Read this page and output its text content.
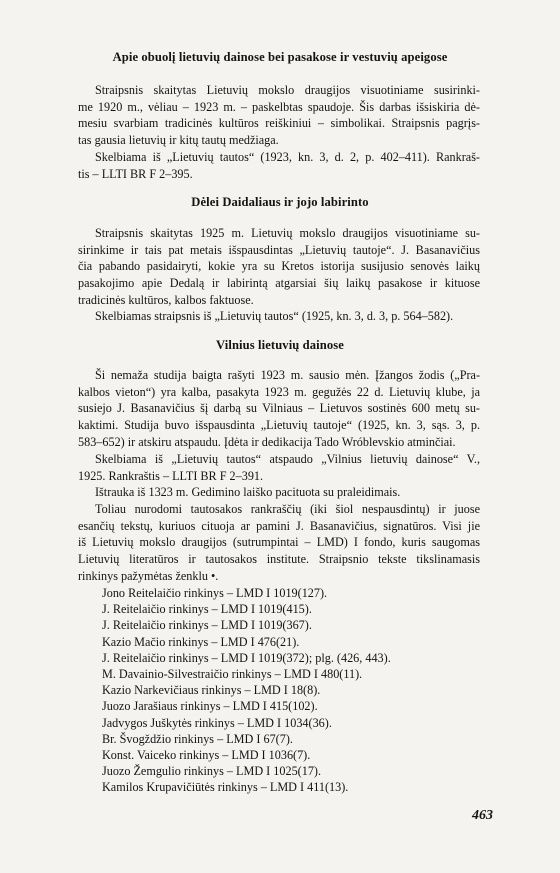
Apie obuolį lietuvių dainose bei pasakose ir vestuvių apeigose
Straipsnis skaitytas Lietuvių mokslo draugijos visuotiniame susirinki-
me 1920 m., vėliau – 1923 m. – paskelbtas spaudoje. Šis darbas išsiskiria dė-
mesiu svarbiam tradicinės kultūros reiškiniui – simbolikai. Straipsnis pagrįs-
tas gausia lietuvių ir kitų tautų medžiaga.
Skelbiama iš „Lietuvių tautos“ (1923, kn. 3, d. 2, p. 402–411). Rankraš-
tis – LLTI BR F 2–395.
Dėlei Daidaliaus ir jojo labirinto
Straipsnis skaitytas 1925 m. Lietuvių mokslo draugijos visuotiniame su-
sirinkime ir tais pat metais išspausdintas „Lietuvių tautoje“. J. Basanavičius
čia pabando pasidairyti, kokie yra su Kretos istorija susijusio senovės laikų
pasakojimo apie Dedalą ir labirintą atgarsiai šių laikų pasakose ir kituose
tradicinės kultūros, kalbos faktuose.
Skelbiamas straipsnis iš „Lietuvių tautos“ (1925, kn. 3, d. 3, p. 564–582).
Vilnius lietuvių dainose
Ši nemaža studija baigta rašyti 1923 m. sausio mėn. Įžangos žodis („Pra-
kalbos vieton“) yra kalba, pasakyta 1923 m. gegužės 22 d. Lietuvių klube, ja
susiejo J. Basanavičius šį darbą su Vilniaus – Lietuvos sostinės 600 metų su-
kaktimi. Studija buvo išspausdinta „Lietuvių tautoje“ (1925, kn. 3, sąs. 3, p.
583–652) ir atskiru atspaudu. Įdėta ir dedikacija Tado Wróblevskio atminčiai.
Skelbiama iš „Lietuvių tautos“ atspaudo „Vilnius lietuvių dainose“ V.,
1925. Rankraštis – LLTI BR F 2–391.
Ištrauka iš 1323 m. Gedimino laiško pacituota su praleidimais.
Toliau nurodomi tautosakos rankraščių (iki šiol nespausdintų) ir juose
esančių tekstų, kuriuos cituoja ar pamini J. Basanavičius, signatūros. Visi jie
iš Lietuvių mokslo draugijos (sutrumpintai – LMD) I fondo, kuris saugomas
Lietuvių literatūros ir tautosakos institute. Straipsnio tekste tikslinamasis
rinkinys pažymėtas ženklu •.
Jono Reitelaičio rinkinys – LMD I 1019(127).
J. Reitelaičio rinkinys – LMD I 1019(415).
J. Reitelaičio rinkinys – LMD I 1019(367).
Kazio Mačio rinkinys – LMD I 476(21).
J. Reitelaičio rinkinys – LMD I 1019(372); plg. (426, 443).
M. Davainio-Silvestraičio rinkinys – LMD I 480(11).
Kazio Narkevičiaus rinkinys – LMD I 18(8).
Juozo Jarašiaus rinkinys – LMD I 415(102).
Jadvygos Juškytės rinkinys – LMD I 1034(36).
Br. Švogždžio rinkinys – LMD I 67(7).
Konst. Vaiceko rinkinys – LMD I 1036(7).
Juozo Žemgulio rinkinys – LMD I 1025(17).
Kamilos Krupavičiūtės rinkinys – LMD I 411(13).
463
